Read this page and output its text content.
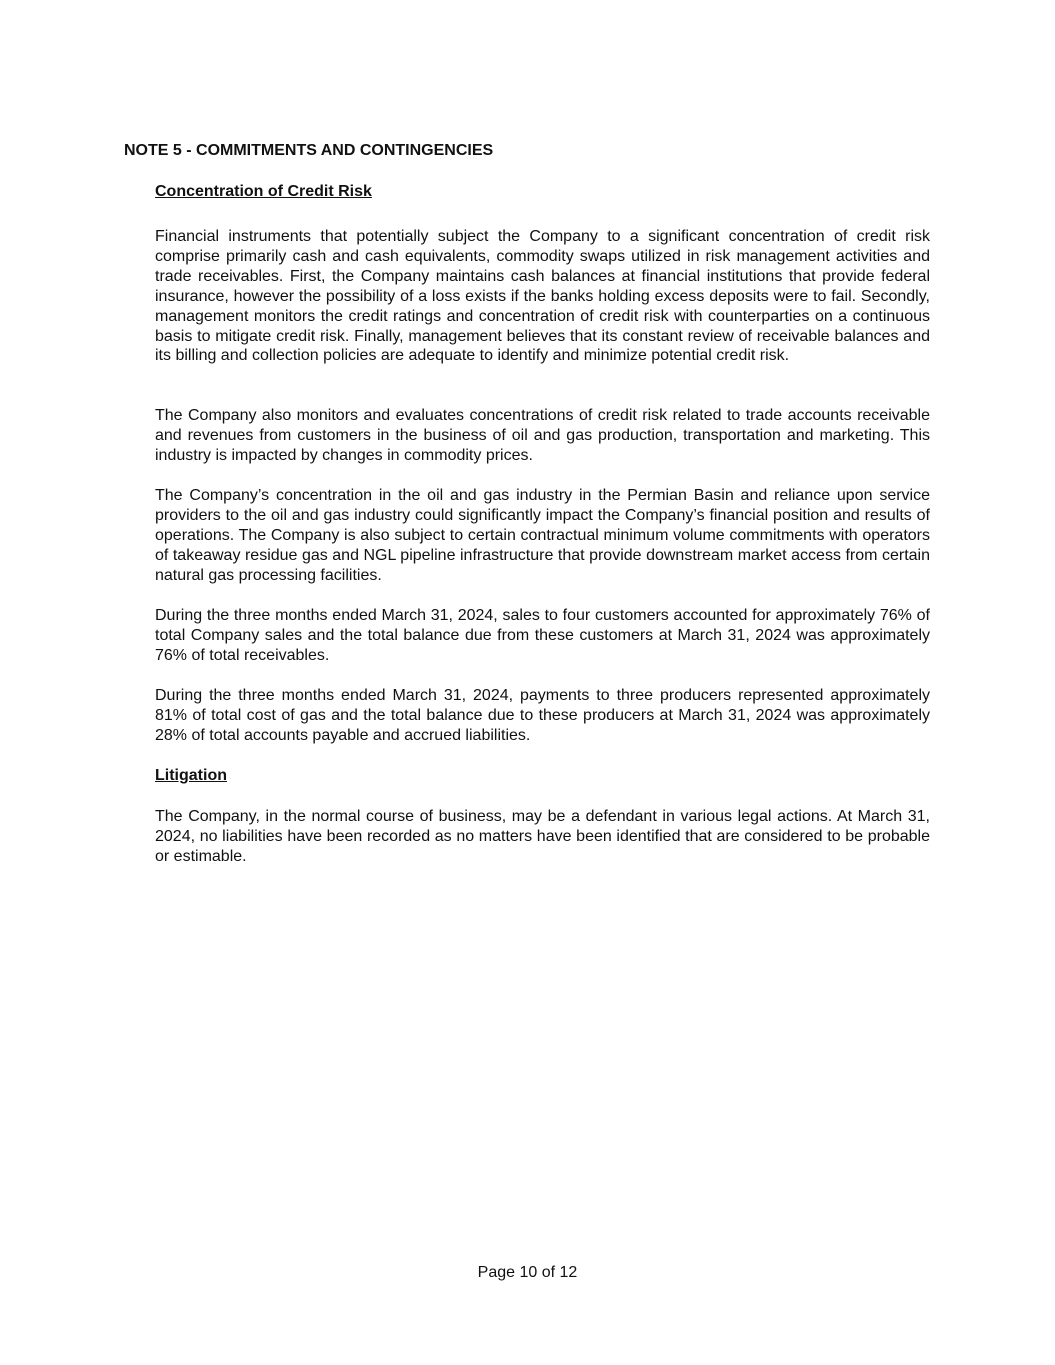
NOTE 5 - COMMITMENTS AND CONTINGENCIES
Concentration of Credit Risk

Financial instruments that potentially subject the Company to a significant concentration of credit risk comprise primarily cash and cash equivalents, commodity swaps utilized in risk management activities and trade receivables. First, the Company maintains cash balances at financial institutions that provide federal insurance, however the possibility of a loss exists if the banks holding excess deposits were to fail. Secondly, management monitors the credit ratings and concentration of credit risk with counterparties on a continuous basis to mitigate credit risk. Finally, management believes that its constant review of receivable balances and its billing and collection policies are adequate to identify and minimize potential credit risk.

The Company also monitors and evaluates concentrations of credit risk related to trade accounts receivable and revenues from customers in the business of oil and gas production, transportation and marketing. This industry is impacted by changes in commodity prices.

The Company’s concentration in the oil and gas industry in the Permian Basin and reliance upon service providers to the oil and gas industry could significantly impact the Company’s financial position and results of operations. The Company is also subject to certain contractual minimum volume commitments with operators of takeaway residue gas and NGL pipeline infrastructure that provide downstream market access from certain natural gas processing facilities.

During the three months ended March 31, 2024, sales to four customers accounted for approximately 76% of total Company sales and the total balance due from these customers at March 31, 2024 was approximately 76% of total receivables.

During the three months ended March 31, 2024, payments to three producers represented approximately 81% of total cost of gas and the total balance due to these producers at March 31, 2024 was approximately 28% of total accounts payable and accrued liabilities.

Litigation

The Company, in the normal course of business, may be a defendant in various legal actions. At March 31, 2024, no liabilities have been recorded as no matters have been identified that are considered to be probable or estimable.

Page 10 of 12
